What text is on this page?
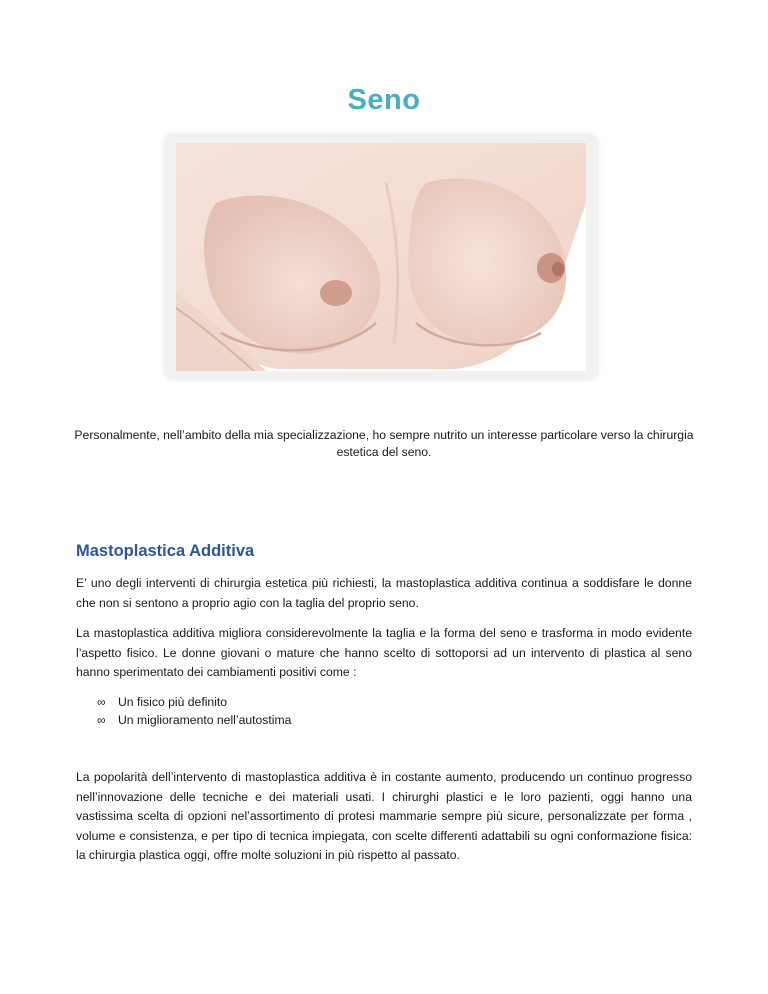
Seno
Personalmente, nell’ambito della mia specializzazione, ho sempre nutrito un interesse particolare verso la chirurgia estetica del seno.
Mastoplastica Additiva
E’ uno degli interventi di chirurgia estetica più richiesti, la mastoplastica additiva continua a soddisfare le donne che non si sentono a proprio agio con la taglia del proprio seno.
La mastoplastica additiva migliora considerevolmente la taglia e la forma del seno e trasforma in modo evidente l’aspetto fisico. Le donne giovani o mature che hanno scelto di sottoporsi ad un intervento di plastica al seno hanno sperimentato dei cambiamenti positivi come :
∞ Un fisico più definito
∞ Un miglioramento nell’autostima
La popolarità dell’intervento di mastoplastica additiva è in costante aumento, producendo un continuo progresso nell’innovazione delle tecniche e dei materiali usati. I chirurghi plastici e le loro pazienti, oggi hanno una vastissima scelta di opzioni nel’assortimento di protesi mammarie sempre più sicure, personalizzate per forma , volume e consistenza, e per tipo di tecnica impiegata, con scelte differenti adattabili su ogni conformazione fisica: la chirurgia plastica oggi, offre molte soluzioni in più rispetto al passato.
